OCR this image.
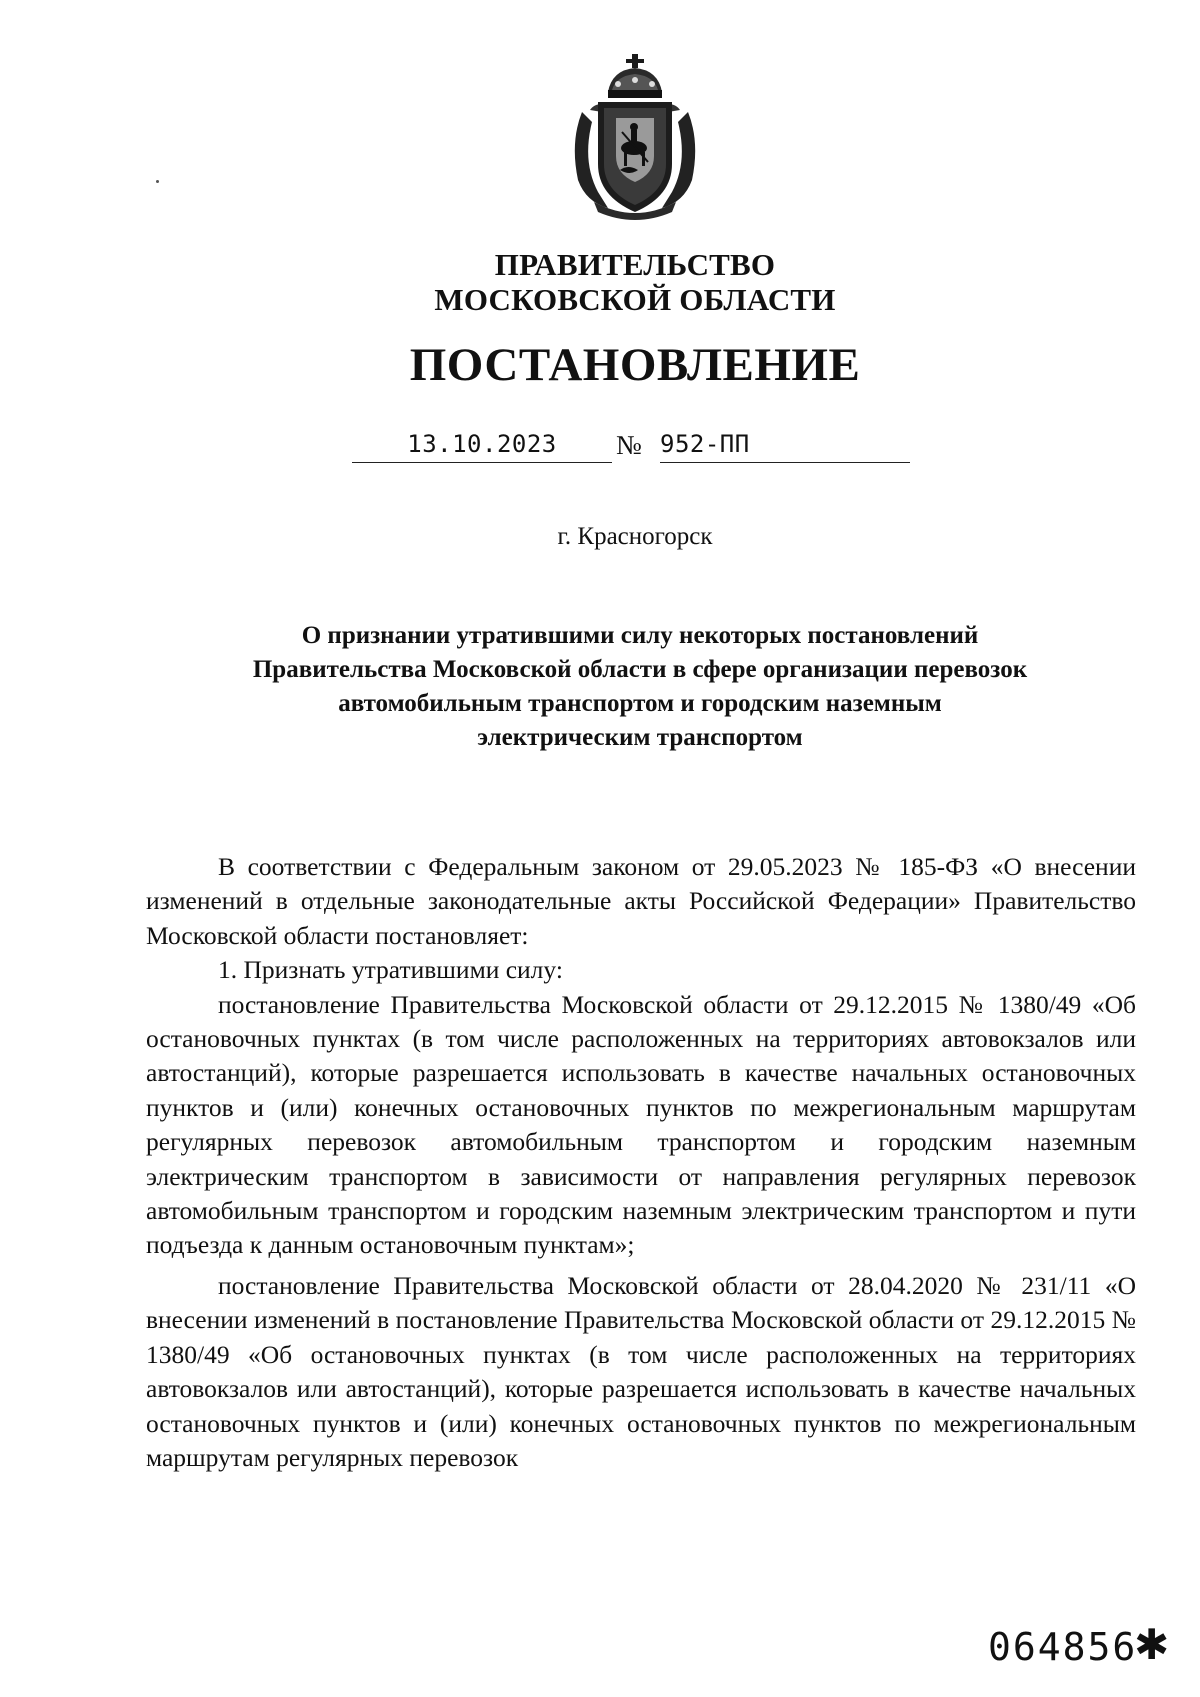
ПРАВИТЕЛЬСТВО
МОСКОВСКОЙ ОБЛАСТИ
ПОСТАНОВЛЕНИЕ
13.10.2023	№ 952-ПП
г. Красногорск
О признании утратившими силу некоторых постановлений
Правительства Московской области в сфере организации перевозок
автомобильным транспортом и городским наземным
электрическим транспортом

В соответствии с Федеральным законом от 29.05.2023 № 185-ФЗ «О внесении изменений в отдельные законодательные акты Российской Федерации» Правительство Московской области постановляет:

1. Признать утратившими силу:

постановление Правительства Московской области от 29.12.2015 № 1380/49 «Об остановочных пунктах (в том числе расположенных на территориях автовокзалов или автостанций), которые разрешается использовать в качестве начальных остановочных пунктов и (или) конечных остановочных пунктов по межрегиональным маршрутам регулярных перевозок автомобильным транспортом и городским наземным электрическим транспортом в зависимости от направления регулярных перевозок автомобильным транспортом и городским наземным электрическим транспортом и пути подъезда к данным остановочным пунктам»;

постановление Правительства Московской области от 28.04.2020 № 231/11 «О внесении изменений в постановление Правительства Московской области от 29.12.2015 № 1380/49 «Об остановочных пунктах (в том числе расположенных на территориях автовокзалов или автостанций), которые разрешается использовать в качестве начальных остановочных пунктов и (или) конечных остановочных пунктов по межрегиональным маршрутам регулярных перевозок

064856
✱
